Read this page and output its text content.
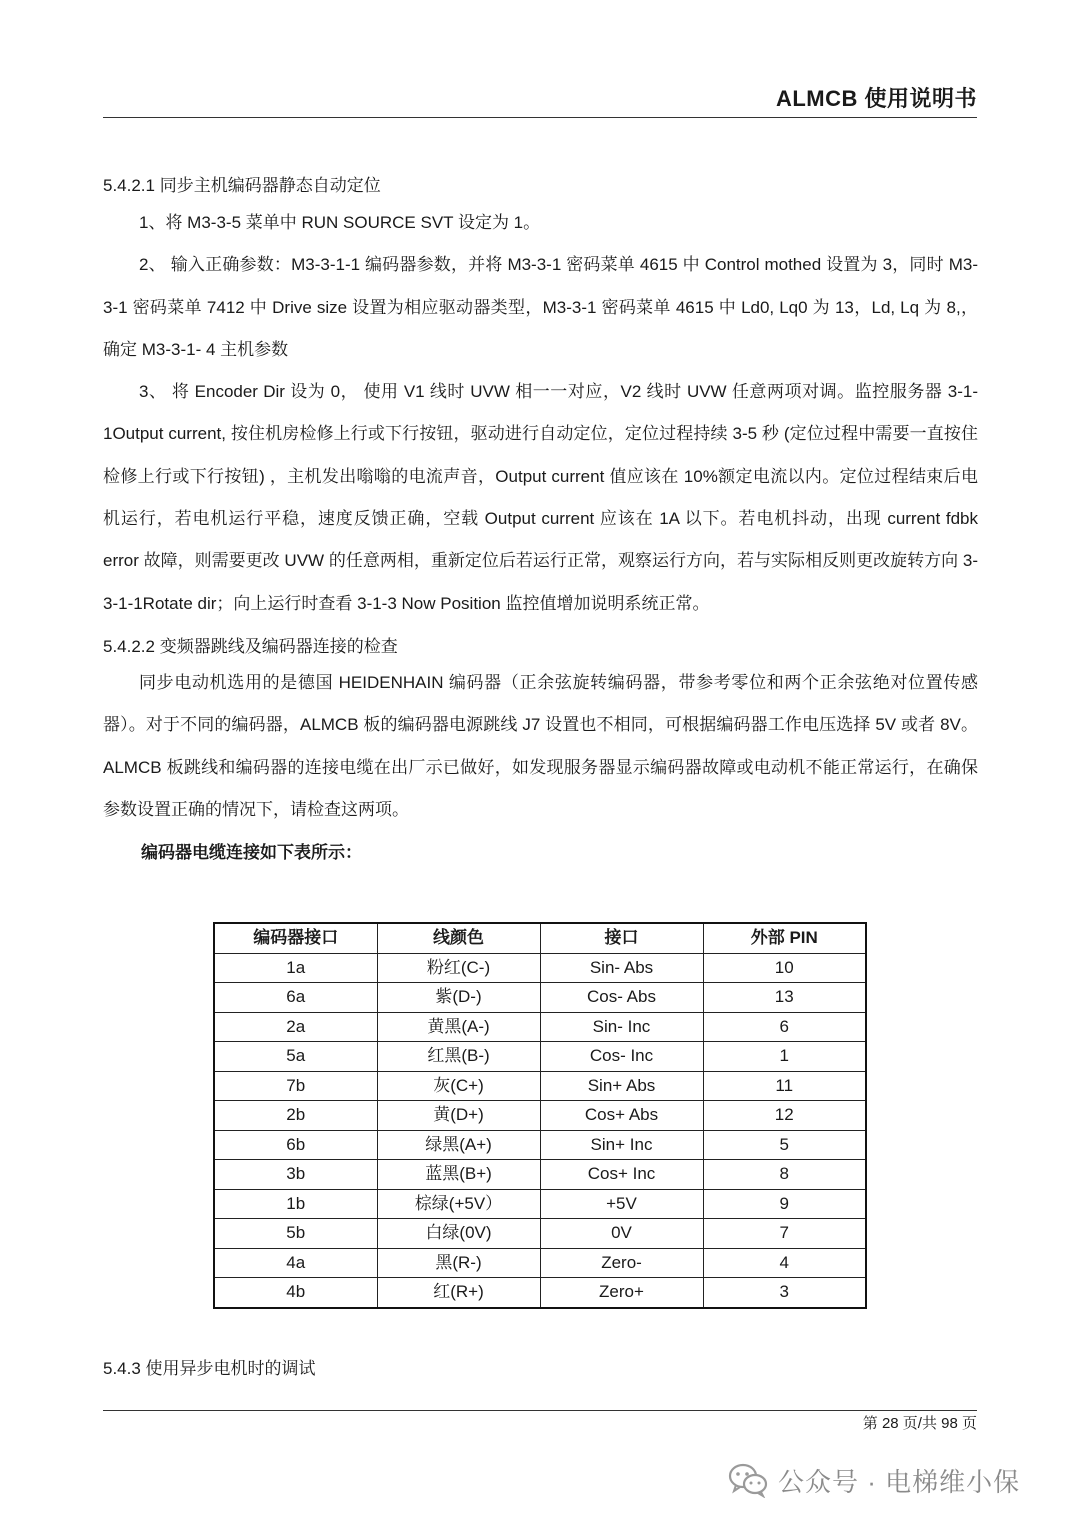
ALMCB 使用说明书

5.4.2.1 同步主机编码器静态自动定位

1、将 M3-3-5 菜单中 RUN SOURCE SVT 设定为 1。

2、 输入正确参数：M3-3-1-1 编码器参数，并将 M3-3-1 密码菜单 4615 中 Control mothed 设置为 3，同时 M3-3-1 密码菜单 7412 中 Drive size 设置为相应驱动器类型，M3-3-1 密码菜单 4615 中 Ld0, Lq0 为 13，Ld, Lq 为 8,，确定 M3-3-1- 4 主机参数

3、 将 Encoder Dir 设为 0， 使用 V1 线时 UVW 相一一对应，V2 线时 UVW 任意两项对调。监控服务器 3-1-1Output current, 按住机房检修上行或下行按钮，驱动进行自动定位，定位过程持续 3-5 秒 (定位过程中需要一直按住检修上行或下行按钮) ，主机发出嗡嗡的电流声音，Output current 值应该在 10%额定电流以内。定位过程结束后电机运行，若电机运行平稳，速度反馈正确，空载 Output current 应该在 1A 以下。若电机抖动，出现 current fdbk error 故障，则需要更改 UVW 的任意两相，重新定位后若运行正常，观察运行方向，若与实际相反则更改旋转方向 3-3-1-1Rotate dir；向上运行时查看 3-1-3 Now Position 监控值增加说明系统正常。

5.4.2.2 变频器跳线及编码器连接的检查

同步电动机选用的是德国 HEIDENHAIN 编码器（正余弦旋转编码器，带参考零位和两个正余弦绝对位置传感器）。对于不同的编码器，ALMCB 板的编码器电源跳线 J7 设置也不相同，可根据编码器工作电压选择 5V 或者 8V。ALMCB 板跳线和编码器的连接电缆在出厂示已做好，如发现服务器显示编码器故障或电动机不能正常运行，在确保参数设置正确的情况下，请检查这两项。

编码器电缆连接如下表所示：

编码器接口	线颜色	接口	外部 PIN
1a	粉红(C-)	Sin- Abs	10
6a	紫(D-)	Cos- Abs	13
2a	黄黑(A-)	Sin- Inc	6
5a	红黑(B-)	Cos- Inc	1
7b	灰(C+)	Sin+ Abs	11
2b	黄(D+)	Cos+ Abs	12
6b	绿黑(A+)	Sin+ Inc	5
3b	蓝黑(B+)	Cos+ Inc	8
1b	棕绿(+5V）	+5V	9
5b	白绿(0V)	0V	7
4a	黑(R-)	Zero-	4
4b	红(R+)	Zero+	3
5.4.3 使用异步电机时的调试
第 28 页/共 98 页
公众号 · 电梯维小保
